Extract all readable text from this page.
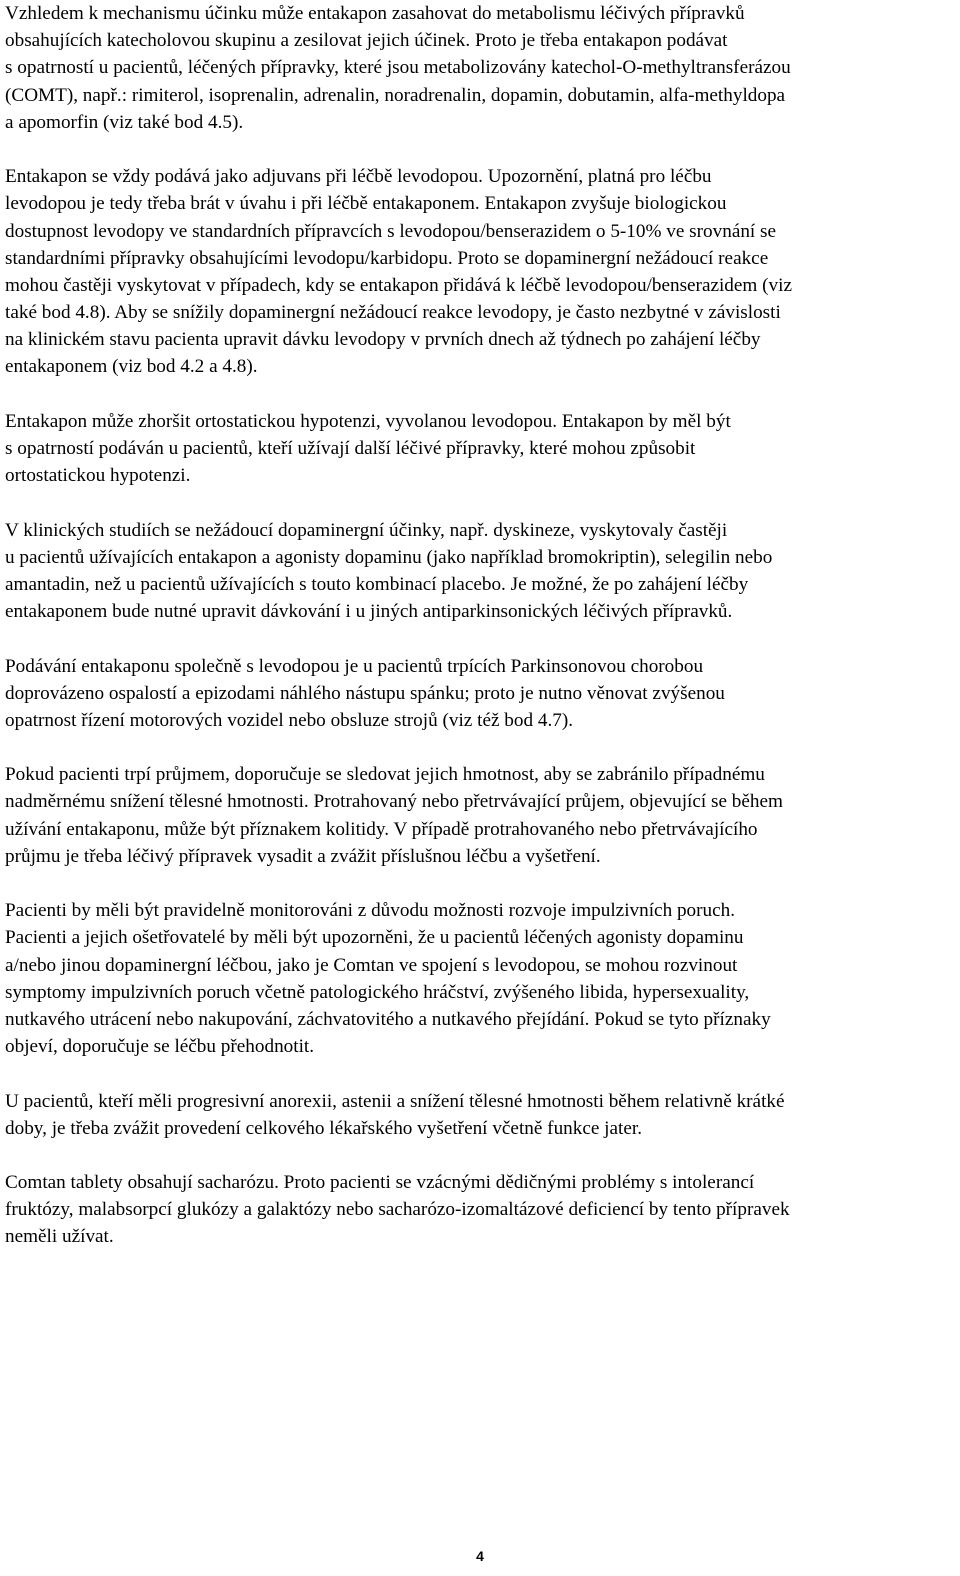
Vzhledem k mechanismu účinku může entakapon zasahovat do metabolismu léčivých přípravků
obsahujících katecholovou skupinu a zesilovat jejich účinek. Proto je třeba entakapon podávat
s opatrností u pacientů, léčených přípravky, které jsou metabolizovány katechol-O-methyltransferázou
(COMT), např.: rimiterol, isoprenalin, adrenalin, noradrenalin, dopamin, dobutamin, alfa-methyldopa
a apomorfin (viz také bod 4.5).

Entakapon se vždy podává jako adjuvans při léčbě levodopou. Upozornění, platná pro léčbu
levodopou je tedy třeba brát v úvahu i při léčbě entakaponem. Entakapon zvyšuje biologickou
dostupnost levodopy ve standardních přípravcích s levodopou/benserazidem o 5-10% ve srovnání se
standardními přípravky obsahujícími levodopu/karbidopu. Proto se dopaminergní nežádoucí reakce
mohou častěji vyskytovat v případech, kdy se entakapon přidává k léčbě levodopou/benserazidem (viz
také bod 4.8). Aby se snížily dopaminergní nežádoucí reakce levodopy, je často nezbytné v závislosti
na klinickém stavu pacienta upravit dávku levodopy v prvních dnech až týdnech po zahájení léčby
entakaponem (viz bod 4.2 a 4.8).

Entakapon může zhoršit ortostatickou hypotenzi, vyvolanou levodopou. Entakapon by měl být
s opatrností podáván u pacientů, kteří užívají další léčivé přípravky, které mohou způsobit
ortostatickou hypotenzi.

V klinických studiích se nežádoucí dopaminergní účinky, např. dyskineze, vyskytovaly častěji
u pacientů užívajících entakapon a agonisty dopaminu (jako například bromokriptin), selegilin nebo
amantadin, než u pacientů užívajících s touto kombinací placebo. Je možné, že po zahájení léčby
entakaponem bude nutné upravit dávkování i u jiných antiparkinsonických léčivých přípravků.

Podávání entakaponu společně s levodopou je u pacientů trpících Parkinsonovou chorobou
doprovázeno ospalostí a epizodami náhlého nástupu spánku; proto je nutno věnovat zvýšenou
opatrnost řízení motorových vozidel nebo obsluze strojů (viz též bod 4.7).

Pokud pacienti trpí průjmem, doporučuje se sledovat jejich hmotnost, aby se zabránilo případnému
nadměrnému snížení tělesné hmotnosti. Protrahovaný nebo přetrvávající průjem, objevující se během
užívání entakaponu, může být příznakem kolitidy. V případě protrahovaného nebo přetrvávajícího
průjmu je třeba léčivý přípravek vysadit a zvážit příslušnou léčbu a vyšetření.

Pacienti by měli být pravidelně monitorováni z důvodu možnosti rozvoje impulzivních poruch.
Pacienti a jejich ošetřovatelé by měli být upozorněni, že u pacientů léčených agonisty dopaminu
a/nebo jinou dopaminergní léčbou, jako je Comtan ve spojení s levodopou, se mohou rozvinout
symptomy impulzivních poruch včetně patologického hráčství, zvýšeného libida, hypersexuality,
nutkavého utrácení nebo nakupování, záchvatovitého a nutkavého přejídání. Pokud se tyto příznaky
objeví, doporučuje se léčbu přehodnotit.

U pacientů, kteří měli progresivní anorexii, astenii a snížení tělesné hmotnosti během relativně krátké
doby, je třeba zvážit provedení celkového lékařského vyšetření včetně funkce jater.

Comtan tablety obsahují sacharózu. Proto pacienti se vzácnými dědičnými problémy s intolerancí
fruktózy, malabsorpcí glukózy a galaktózy nebo sacharózo-izomaltázové deficiencí by tento přípravek
neměli užívat.

4
